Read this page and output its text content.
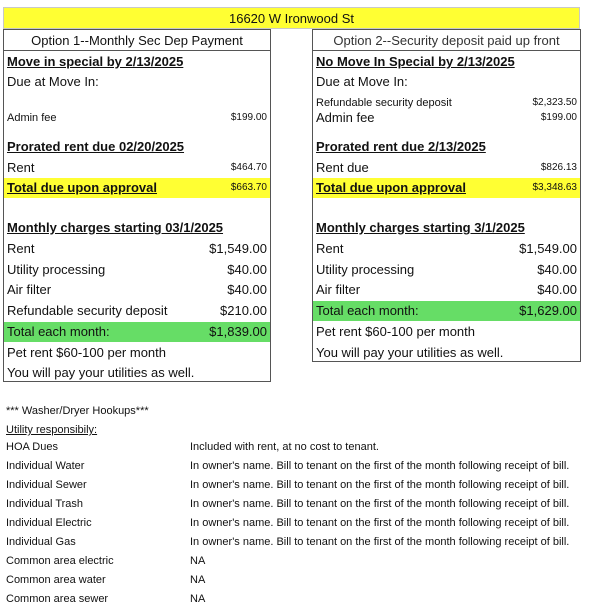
16620 W Ironwood St
Option 1--Monthly Sec Dep Payment
Move in special by 2/13/2025
Due at Move In:
Admin fee	$199.00
Prorated rent due 02/20/2025
Rent	$464.70
Total due upon approval	$663.70
Monthly charges starting 03/1/2025
Rent	$1,549.00
Utility processing	$40.00
Air filter	$40.00
Refundable security deposit	$210.00
Total each month:	$1,839.00
Pet rent $60-100 per month
You will pay your utilities as well.
Option 2--Security deposit paid up front
No Move In Special by 2/13/2025
Due at Move In:
Refundable security deposit	$2,323.50
Admin fee	$199.00
Prorated rent due 2/13/2025
Rent due	$826.13
Total due upon approval	$3,348.63
Monthly charges starting 3/1/2025
Rent	$1,549.00
Utility processing	$40.00
Air filter	$40.00
Total each month:	$1,629.00
Pet rent $60-100 per month
You will pay your utilities as well.
*** Washer/Dryer Hookups***
Utility responsibily:
HOA Dues	Included with rent, at no cost to tenant.
Individual Water	In owner's name. Bill to tenant on the first of the month following receipt of bill.
Individual Sewer	In owner's name. Bill to tenant on the first of the month following receipt of bill.
Individual Trash	In owner's name. Bill to tenant on the first of the month following receipt of bill.
Individual Electric	In owner's name. Bill to tenant on the first of the month following receipt of bill.
Individual Gas	In owner's name. Bill to tenant on the first of the month following receipt of bill.
Common area electric	NA
Common area water	NA
Common area sewer	NA
